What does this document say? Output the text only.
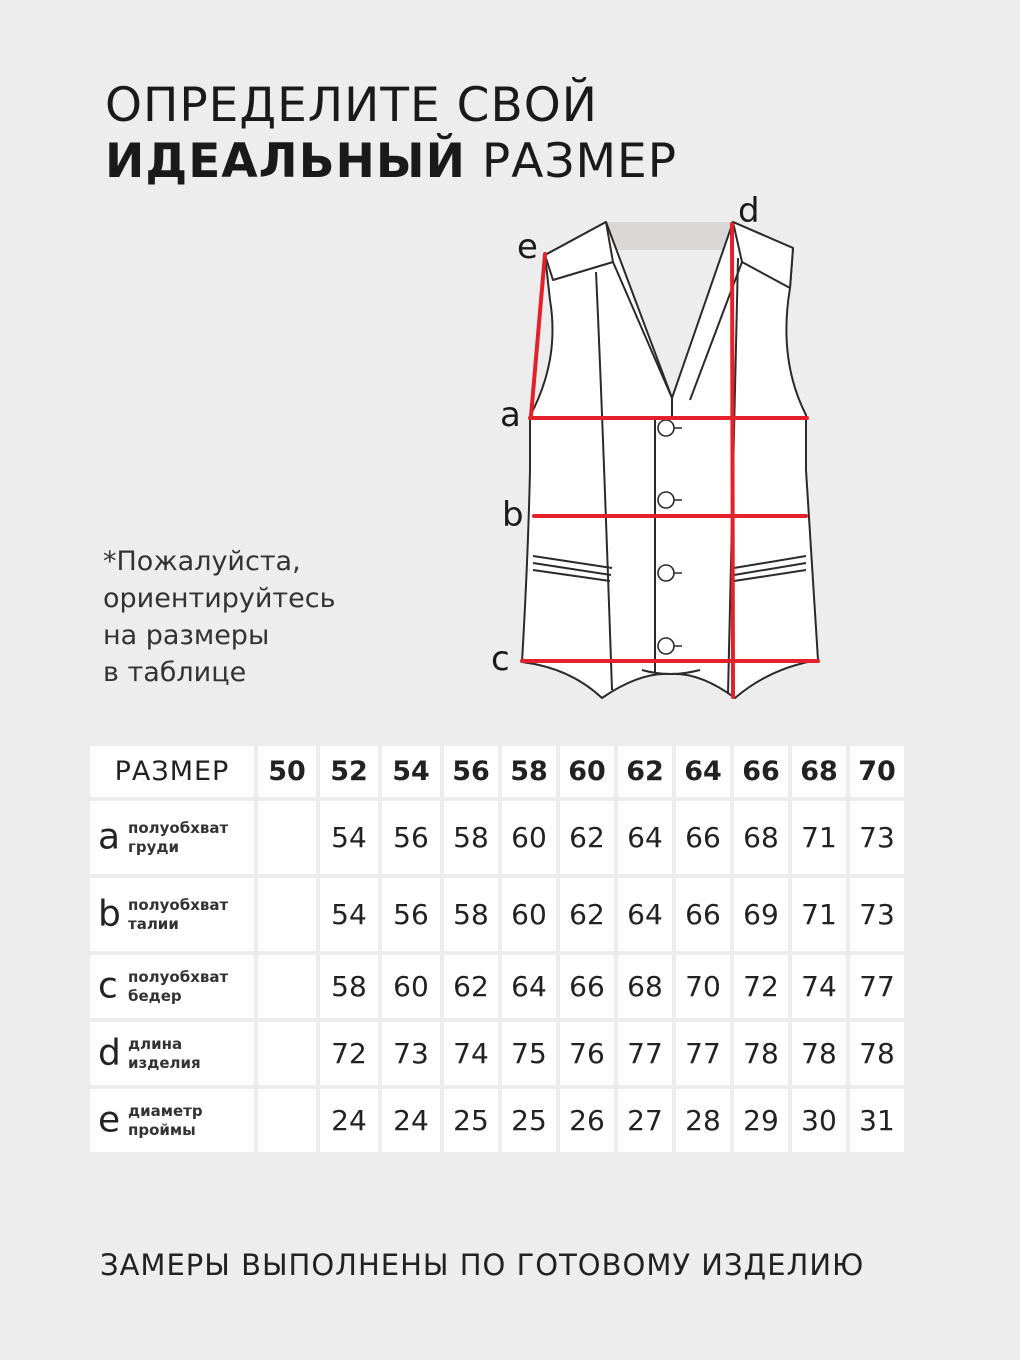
ОПРЕДЕЛИТЕ СВОЙ
ИДЕАЛЬНЫЙ РАЗМЕР
*Пожалуйста,
ориентируйтесь
на размеры
в таблице
a
b
c
d
e
РАЗМЕР	50	52	54	56	58	60	62	64	66	68	70

a полуобхват
груди		54	56	58	60	62	64	66	68	71	73

b полуобхват
талии		54	56	58	60	62	64	66	69	71	73

c полуобхват
бедер		58	60	62	64	66	68	70	72	74	77

d длина
изделия		72	73	74	75	76	77	77	78	78	78

e диаметр
проймы		24	24	25	25	26	27	28	29	30	31
ЗАМЕРЫ ВЫПОЛНЕНЫ ПО ГОТОВОМУ ИЗДЕЛИЮ
